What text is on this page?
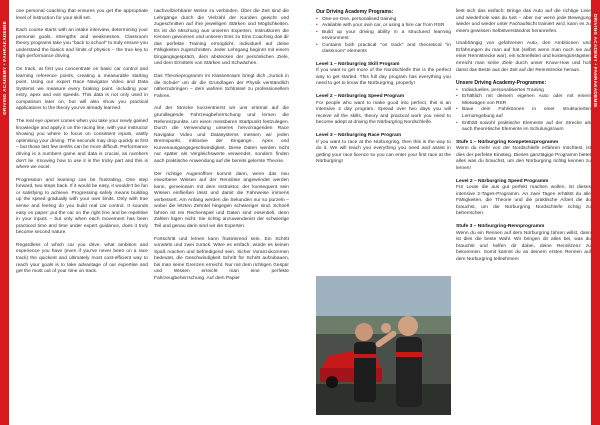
DRIVING ACADEMY • FAHRAKADEMIE	DRIVING ACADEMY • FAHRAKADEMIE

one personal coaching that ensures you get the appropriate level of instruction for your skill set.

Each course starts with an intake interview, determining your personal goals, strengths and weaknesses. Classroom theory programs take you "back to school" to truly ensure you understand the basics and limits of physics – the true key to high performance driving.

On track, at first you concentrate on basic car control and learning reference points, creating a measurable starting point. Using our expert Race Navigator Video and Data Systems we measure every braking point, including your entry, apex and exit speeds. This data is not only used in comparison later on, but will also show you practical applications to the theory you’ve already learned.

The real eye opener comes when you take your newly gained knowledge and apply it on the racing line, with your instructor showing you where to focus on consistent inputs, vastly optimising your driving. The seconds may drop quickly at first – but those last few tenths can be more difficult. Performance driving is a numbers game and data is crucial, as numbers don’t lie. Knowing how to use it is the tricky part and this is where we excel.

Progression and learning can be frustrating. One step forward, two steps back. If it would be easy, it wouldn’t be fun or satisfying to achieve. Progressing safely means building up the speed gradually with your own limits. Only with true sense and feeling do you build real car control. It sounds easy on paper: put the car on the right line and be repetitive in your inputs – but only when each movement has been practiced time and time under expert guidance, does it truly become second nature.

Regardless of which car you drive, what ambition and experience you have (even if you’ve never been on a race track) the quickest and ultimately most cost-efficient way to reach your goals is to take advantage of our expertise and get the most out of your time on track.

nachvollziehbarer Weise zu verbinden. Über die Zeit sind die Lehrgänge durch die Vielzahl der Kunden geeicht und zugeschnitten auf ihre jeweiligen Stärken und Möglichkeiten. Es ist die Mischung aus unseren Experten, Instruktoren die Kennen gewonnen und unseren Eins zu Eins Coaching das dir das perfekte Training ermöglicht, individuell auf deine Fähigkeiten zugeschnitten. Jeder Lehrgang beginnt mit einem Eingangsgespräch, dem abstecken der persönlichen Ziele, und dem Ermitteln von Stärken und Schwächen.

Das Theorieprogramm im Klassenraum bringt dich „zurück in die Schule“ um dir die Grundlagen der Physik verständlich näherzubringen – dem wahren Schlüssel zu professionellem Fahren.

Auf der Strecke konzentrierst wir uns erstmal auf die grundlegende Fahrzeugbeherrschung und lernen die Referenzpunkte, um einen messbaren Startpunkt festzulegen. Durch die Verwendung unseres hervorragenden Race Navigator Video und Datasystems messen wir jeden Bremspunkt, inklusive der Eingangs-, Apex und Kurvenausgangsgeschwindigkeit. Diese Daten werden nicht nur später als Vergleichswerte verwendet, sondern finden auch praktische Anwendung auf die bereits gelernte Theorie.

Der richtige Augenöffner kommt dann, wenn das neu erworbene Wissen auf der Rennlinie angewendet werden kann, gemeinsam mit dem Instruktor, der konsequent sein Wissen einfließen lässt und damit die Fahrweise immens verbessert. Am Anfang werden die Sekunden nur so purzeln – wobei die letzten Zehntel hingegen schwieriger sind. Schnell fahren ist ein Rechenspiel und Daten sind essentiell, denn Zahlen lügen nicht. Sie richtig anzuwendenist der schwierige Teil und genau darin sind wir die Experten.

Fortschritt und lernen kann frustrierend sein. Ein Schritt vorwärts und zwei zurück. Wäre es einfach, würde es keinen Spaß machen und befriedigend sein. Sicher Voranzukommen bedeutet, die Geschwindigkeit Schritt für Schritt aufzubauen, bis man seine Grenzen erreicht. Nur mit dem richtigen Gespür und Wissen erreicht man eine perfekte Fahrzeugbeherrschung. Auf dem Papier

Our Driving Academy Programs:
• One-on-One, personalised training
• Available with your own car, or using a hire car from RSR
• Build up your driving ability in a structured learning environment
• Contains both practical "on track" and theoretical "in classroom" elements
Level 1 – Nürburgring Skill Program

If you want to get more of the Nordschleife this is the perfect way to get started. This full day program has everything you need to get to know the Nürburgring, properly!

Level 2 – Nürburgring Speed Program

For people who want to make good into perfect, this is an intensive 2 day program. Spread over two days you will receive all the skills, theory and practical work you need to become adept at driving the Nürburgring Nordschleife.

Level 3 – Nürburgring Race Program

If you want to race at the Nürburgring, then this is the way to do it. We will teach you everything you need and assist in getting your race licence so you can enter your first race at the Nürburgring!

liest sich das einfach: Bringe das Auto auf die richtige Linie und wiederhole was du tust – aber nur wenn jede Bewegung wieder und wieder unter Fachaufsicht trainiert wird, kann es zu einem gewissen Selbstverständnis heranreifen.

Unabhängig von gefahrenen Auto, den Ambitionen und Erfahrungen du man auf hat (selbst wenn man noch nie auf einer Rennstrecke war), ein schnellsten und kostengünstigsten erreicht man seine Ziele durch unser Know-How und holt damit das Beste aus der Zeit auf der Rennstrecke heraus.

Unsere Driving Academy-Programme:
• Individuelles, personalisiertes Training
• Erhältlich mit deinem eigenen Auto oder mit einem Mietwagen von RSR
• Baue dein Fahrkönnen in einer strukturierten Lernumgebung auf
• Enthält sowohl praktische Elemente auf der Strecke als auch theoretische Elemente im Schulungsraum
Stufe 1 – Nürburgring Kompetenzprogramm

Wenn du mehr von der Nordschleife erfahren möchtest, ist dies der perfekte Einstieg. Dieses ganztägige Programm bietet alles was du brauchst, um den Nürburgring richtig kennen zu lernen!

Level 2 – Nürburgring Speed Programm

Für Leute die aus gut perfekt machen wollen, ist dieses intensive 2-Tages-Programm. An zwei Tagen erhältst du alle Fähigkeiten, die Theorie und die praktische Arbeit die du brauchst, um die Nürburgring Nordschleife richtig zu beherrschen.

Stufe 3 – Nürburgring-Rennprogramm

Wenn du ein Rennen auf dem Nürburgring fahren willst, dann ist dies die beste Wahl. Wir bringen dir alles bei, was du brauchst und helfen dir dabei, deine Rennlizenz zu bekommen. Somit kannst du an deinem ersten Rennen auf dem Nürburgring teilnehmen!
